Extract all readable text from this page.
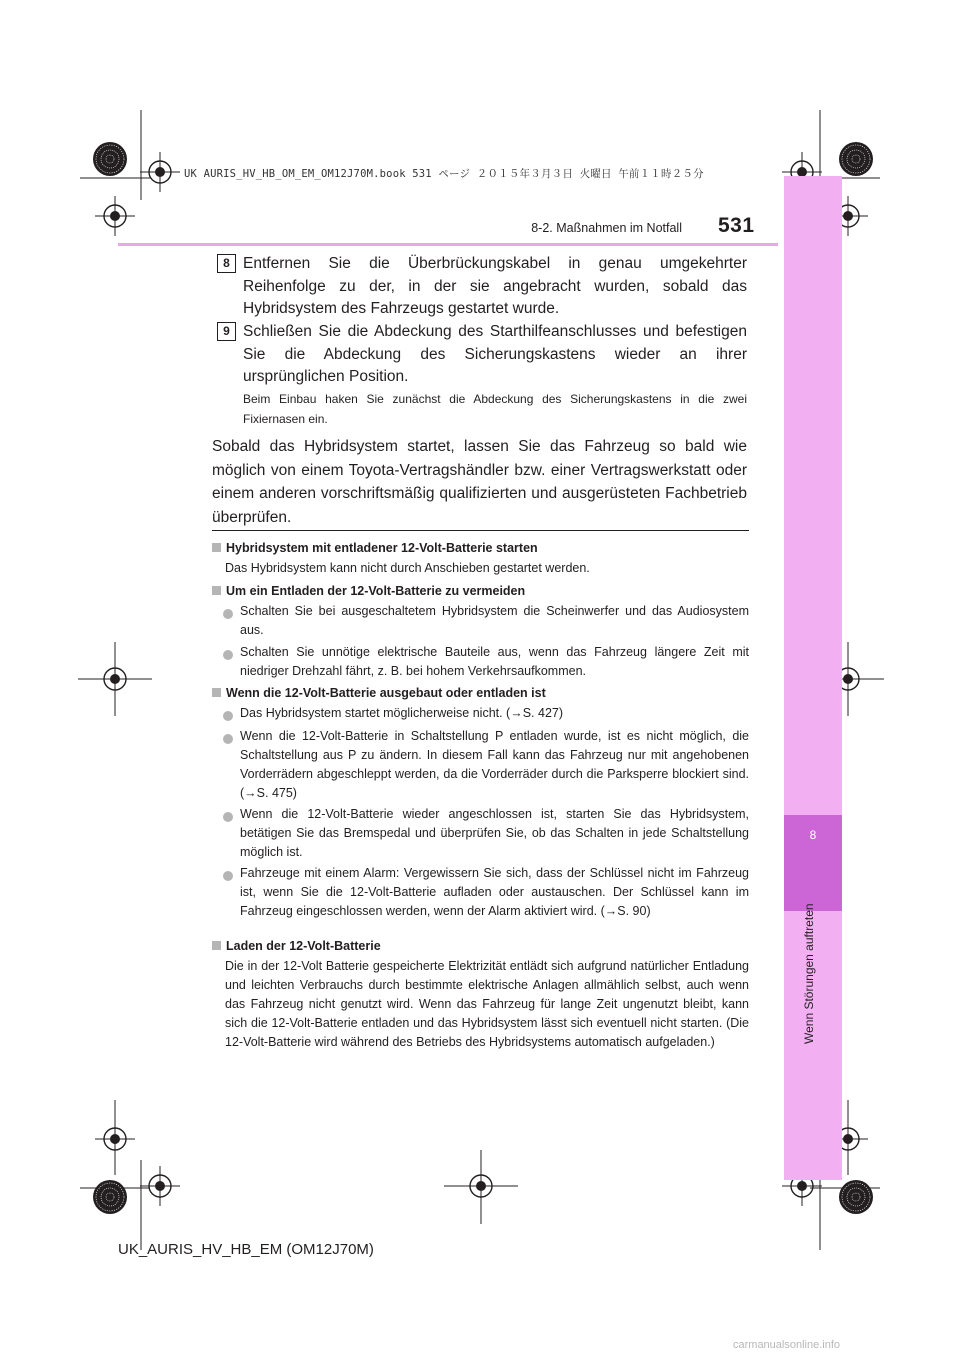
UK AURIS_HV_HB_OM_EM_OM12J70M.book 531 ページ ２０１５年３月３日 火曜日 午前１１時２５分
8
Wenn Störungen auftreten
8-2. Maßnahmen im Notfall 531
8 Entfernen Sie die Überbrückungskabel in genau umgekehrter Reihenfolge zu der, in der sie angebracht wurden, sobald das Hybridsystem des Fahrzeugs gestartet wurde.
9 Schließen Sie die Abdeckung des Starthilfeanschlusses und befestigen Sie die Abdeckung des Sicherungskastens wieder an ihrer ursprünglichen Position.
Beim Einbau haken Sie zunächst die Abdeckung des Sicherungskastens in die zwei Fixiernasen ein.
Sobald das Hybridsystem startet, lassen Sie das Fahrzeug so bald wie möglich von einem Toyota-Vertragshändler bzw. einer Vertragswerkstatt oder einem anderen vorschriftsmäßig qualifizierten und ausgerüsteten Fachbetrieb überprüfen.
Hybridsystem mit entladener 12-Volt-Batterie starten
Das Hybridsystem kann nicht durch Anschieben gestartet werden.
Um ein Entladen der 12-Volt-Batterie zu vermeiden
Schalten Sie bei ausgeschaltetem Hybridsystem die Scheinwerfer und das Audiosystem aus.
Schalten Sie unnötige elektrische Bauteile aus, wenn das Fahrzeug längere Zeit mit niedriger Drehzahl fährt, z. B. bei hohem Verkehrsaufkommen.
Wenn die 12-Volt-Batterie ausgebaut oder entladen ist
Das Hybridsystem startet möglicherweise nicht. (→S. 427)
Wenn die 12-Volt-Batterie in Schaltstellung P entladen wurde, ist es nicht möglich, die Schaltstellung aus P zu ändern. In diesem Fall kann das Fahrzeug nur mit angehobenen Vorderrädern abgeschleppt werden, da die Vorderräder durch die Parksperre blockiert sind. (→S. 475)
Wenn die 12-Volt-Batterie wieder angeschlossen ist, starten Sie das Hybridsystem, betätigen Sie das Bremspedal und überprüfen Sie, ob das Schalten in jede Schaltstellung möglich ist.
Fahrzeuge mit einem Alarm: Vergewissern Sie sich, dass der Schlüssel nicht im Fahrzeug ist, wenn Sie die 12-Volt-Batterie aufladen oder austauschen. Der Schlüssel kann im Fahrzeug eingeschlossen werden, wenn der Alarm aktiviert wird. (→S. 90)
Laden der 12-Volt-Batterie
Die in der 12-Volt Batterie gespeicherte Elektrizität entlädt sich aufgrund natürlicher Entladung und leichten Verbrauchs durch bestimmte elektrische Anlagen allmählich selbst, auch wenn das Fahrzeug nicht genutzt wird. Wenn das Fahrzeug für lange Zeit ungenutzt bleibt, kann sich die 12-Volt-Batterie entladen und das Hybridsystem lässt sich eventuell nicht starten. (Die 12-Volt-Batterie wird während des Betriebs des Hybridsystems automatisch aufgeladen.)
UK_AURIS_HV_HB_EM (OM12J70M)
carmanualsonline.info
